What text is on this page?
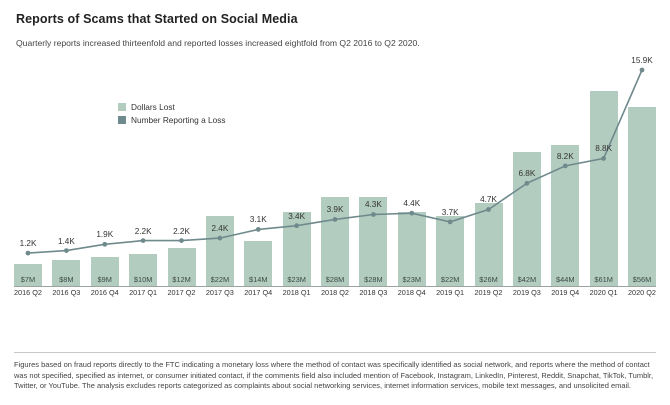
Reports of Scams that Started on Social Media
Quarterly reports increased thirteenfold and reported losses increased eightfold from Q2 2016 to Q2 2020.
Dollars Lost
Number Reporting a Loss
$7M	$8M	$9M	$10M	$12M	$22M	$14M	$23M	$28M	$28M	$23M	$22M	$26M	$42M	$44M	$61M	$56M
1.2K	1.4K
1.9K	2.2K	2.2K	2.4K
3.1K	3.4K
3.9K
4.3K	4.4K
3.7K
4.7K
6.8K
8.2K
8.8K
15.9K
2016 Q2 2016 Q3 2016 Q4 2017 Q1 2017 Q2 2017 Q3 2017 Q4 2018 Q1 2018 Q2 2018 Q3 2018 Q4 2019 Q1 2019 Q2 2019 Q3 2019 Q4 2020 Q1 2020 Q2
Figures based on fraud reports directly to the FTC indicating a monetary loss where the method of contact was specifically identified as social network, and reports where the method of contact was not specified, specified as internet, or consumer initiated contact, if the comments field also included mention of Facebook, Instagram, LinkedIn, Pinterest, Reddit, Snapchat, TikTok, Tumblr, Twitter, or YouTube. The analysis excludes reports categorized as complaints about social networking services, internet information services, mobile text messages, and unsolicited email.
